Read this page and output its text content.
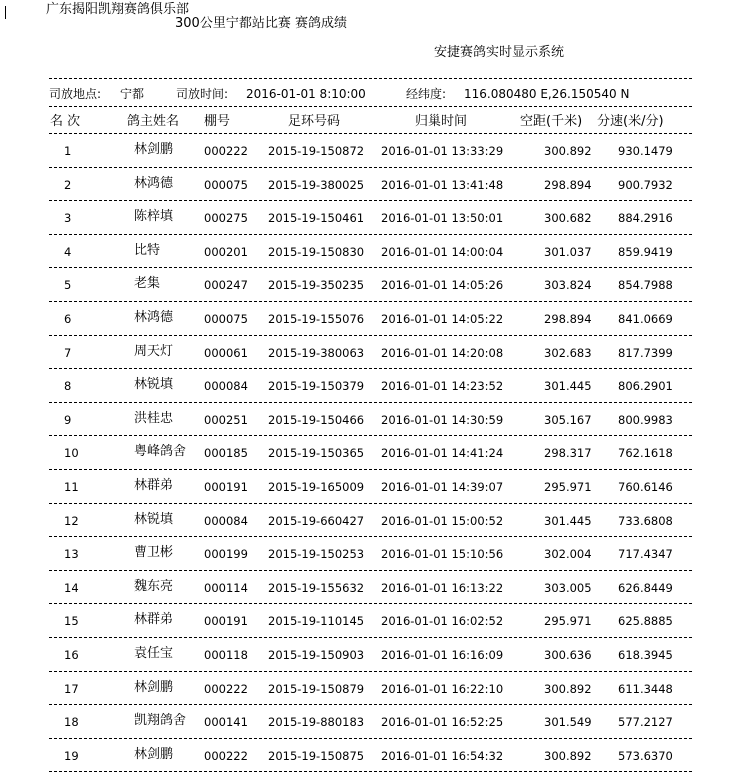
广东揭阳凯翔赛鸽俱乐部
300公里宁都站比赛 赛鸽成绩
安捷赛鸽实时显示系统
司放地点: 宁都	司放时间: 2016-01-01 8:10:00	经纬度: 116.080480 E,26.150540 N
名 次	鸽主姓名 棚号	足环号码	归巢时间	空距(千米) 分速(米/分)
1	林剑鹏	000222 2015-19-150872 2016-01-01 13:33:29	300.892 930.1479
2	林鸿德	000075 2015-19-380025 2016-01-01 13:41:48	298.894 900.7932
3	陈梓填	000275 2015-19-150461 2016-01-01 13:50:01	300.682 884.2916
4	比特	000201 2015-19-150830 2016-01-01 14:00:04	301.037 859.9419
5	老集	000247 2015-19-350235 2016-01-01 14:05:26	303.824 854.7988
6	林鸿德	000075 2015-19-155076 2016-01-01 14:05:22	298.894 841.0669
7	周天灯	000061 2015-19-380063 2016-01-01 14:20:08	302.683 817.7399
8	林锐填	000084 2015-19-150379 2016-01-01 14:23:52	301.445 806.2901
9	洪桂忠	000251 2015-19-150466 2016-01-01 14:30:59	305.167 800.9983
10	粤峰鸽舍 000185 2015-19-150365 2016-01-01 14:41:24	298.317 762.1618
11	林群弟	000191 2015-19-165009 2016-01-01 14:39:07	295.971 760.6146
12	林锐填	000084 2015-19-660427 2016-01-01 15:00:52	301.445 733.6808
13	曹卫彬	000199 2015-19-150253 2016-01-01 15:10:56	302.004 717.4347
14	魏东亮	000114 2015-19-155632 2016-01-01 16:13:22	303.005 626.8449
15	林群弟	000191 2015-19-110145 2016-01-01 16:02:52	295.971 625.8885
16	袁任宝	000118 2015-19-150903 2016-01-01 16:16:09	300.636 618.3945
17	林剑鹏	000222 2015-19-150879 2016-01-01 16:22:10	300.892 611.3448
18	凯翔鸽舍 000141 2015-19-880183 2016-01-01 16:52:25	301.549 577.2127
19	林剑鹏	000222 2015-19-150875 2016-01-01 16:54:32	300.892 573.6370
